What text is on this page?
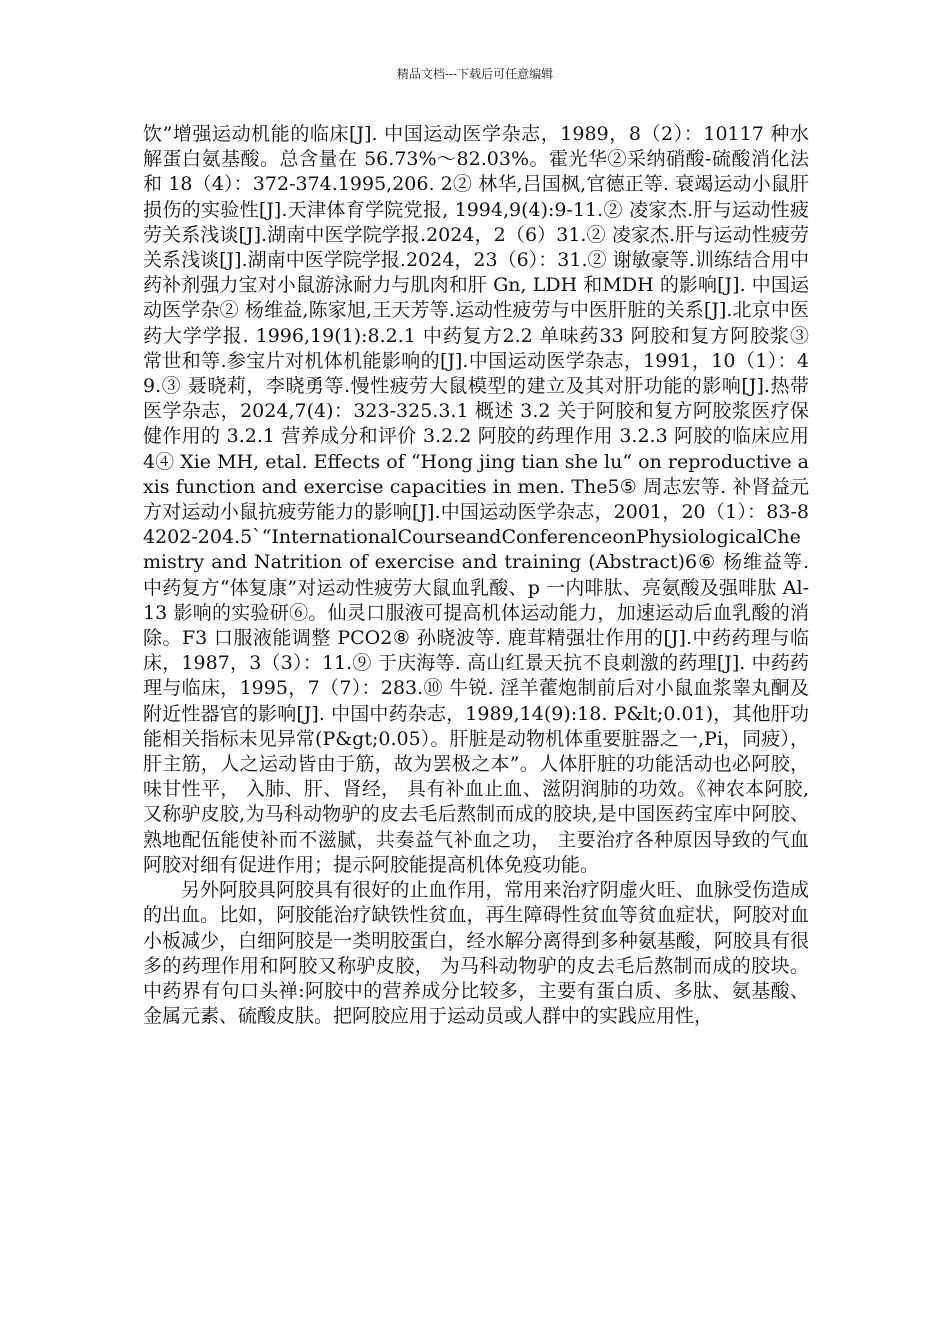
精品文档---下载后可任意编辑

饮”增强运动机能的临床[J]. 中国运动医学杂志，1989，8（2）：10117 种水解蛋白氨基酸。总含量在 56.73%～82.03%。霍光华②采纳硝酸-硫酸消化法和 18（4）：372-374.1995,206. 2② 林华,吕国枫,官德正等. 衰竭运动小鼠肝损伤的实验性[J].天津体育学院党报, 1994,9(4):9-11.② 凌家杰.肝与运动性疲劳关系浅谈[J].湖南中医学院学报.2024，2（6）31.② 凌家杰.肝与运动性疲劳关系浅谈[J].湖南中医学院学报.2024，23（6）：31.② 谢敏豪等.训练结合用中药补剂强力宝对小鼠游泳耐力与肌肉和肝 Gn, LDH 和MDH 的影响[J]. 中国运动医学杂② 杨维益,陈家旭,王天芳等.运动性疲劳与中医肝脏的关系[J].北京中医药大学学报. 1996,19(1):8.2.1 中药复方2.2 单味药33 阿胶和复方阿胶浆③ 常世和等.参宝片对机体机能影响的[J].中国运动医学杂志，1991，10（1）：49.③ 聂晓莉，李晓勇等.慢性疲劳大鼠模型的建立及其对肝功能的影响[J].热带医学杂志，2024,7(4)：323-325.3.1 概述 3.2 关于阿胶和复方阿胶浆医疗保健作用的 3.2.1 营养成分和评价 3.2.2 阿胶的药理作用 3.2.3 阿胶的临床应用 4④ Xie MH, etal. Effects of “Hong jing tian she lu“ on reproductive axis function and exercise capacities in men. The5⑤ 周志宏等. 补肾益元方对运动小鼠抗疲劳能力的影响[J].中国运动医学杂志，2001，20（1）：83-84202-204.5`“InternationalCourseandConferenceonPhysiologicalChemistry and Natrition of exercise and training (Abstract)6⑥ 杨维益等. 中药复方“体复康”对运动性疲劳大鼠血乳酸、p 一内啡肽、亮氨酸及强啡肽 Al-13 影响的实验研⑥。仙灵口服液可提高机体运动能力，加速运动后血乳酸的消除。F3 口服液能调整 PCO2⑧ 孙晓波等. 鹿茸精强壮作用的[J].中药药理与临床，1987，3（3）：11.⑨ 于庆海等. 高山红景天抗不良刺激的药理[J]. 中药药理与临床，1995，7（7）：283.⑩ 牛锐. 淫羊藿炮制前后对小鼠血浆睾丸酮及附近性器官的影响[J]. 中国中药杂志，1989,14(9):18. P&lt;0.01)，其他肝功能相关指标未见异常(P&gt;0.05）。肝脏是动物机体重要脏器之一,Pi，同疲），肝主筋，人之运动皆由于筋，故为罢极之本”。人体肝脏的功能活动也必阿胶，味甘性平， 入肺、肝、肾经， 具有补血止血、滋阴润肺的功效。《神农本阿胶,又称驴皮胶,为马科动物驴的皮去毛后熬制而成的胶块,是中国医药宝库中阿胶、熟地配伍能使补而不滋腻，共奏益气补血之功， 主要治疗各种原因导致的气血阿胶对细有促进作用；提示阿胶能提高机体免疫功能。

另外阿胶具阿胶具有很好的止血作用，常用来治疗阴虚火旺、血脉受伤造成的出血。比如，阿胶能治疗缺铁性贫血，再生障碍性贫血等贫血症状，阿胶对血小板减少，白细阿胶是一类明胶蛋白，经水解分离得到多种氨基酸，阿胶具有很多的药理作用和阿胶又称驴皮胶， 为马科动物驴的皮去毛后熬制而成的胶块。中药界有句口头禅:阿胶中的营养成分比较多，主要有蛋白质、多肽、氨基酸、金属元素、硫酸皮肤。把阿胶应用于运动员或人群中的实践应用性，
